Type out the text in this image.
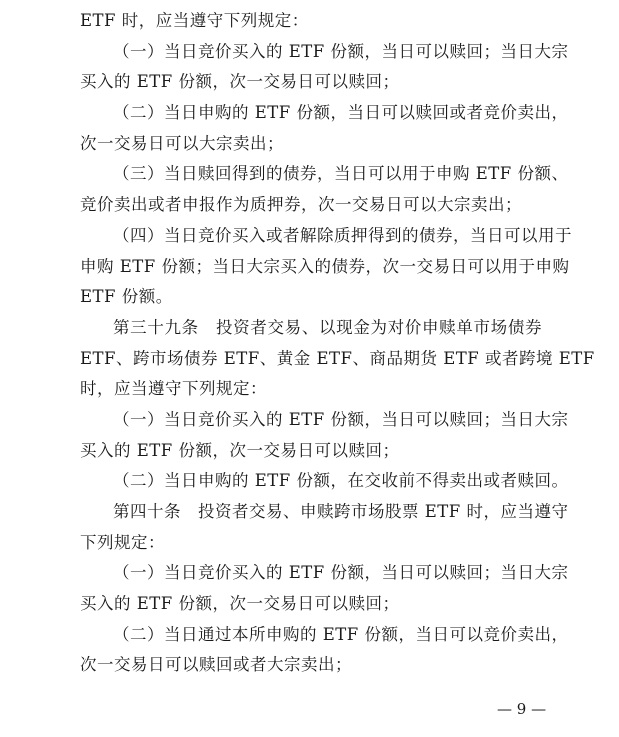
ETF 时，应当遵守下列规定：
（一）当日竞价买入的 ETF 份额，当日可以赎回；当日大宗
买入的 ETF 份额，次一交易日可以赎回；
（二）当日申购的 ETF 份额，当日可以赎回或者竞价卖出，
次一交易日可以大宗卖出；
（三）当日赎回得到的债券，当日可以用于申购 ETF 份额、
竞价卖出或者申报作为质押券，次一交易日可以大宗卖出；
（四）当日竞价买入或者解除质押得到的债券，当日可以用于
申购 ETF 份额；当日大宗买入的债券，次一交易日可以用于申购
ETF 份额。
第三十九条　投资者交易、以现金为对价申赎单市场债券
ETF、跨市场债券 ETF、黄金 ETF、商品期货 ETF 或者跨境 ETF
时，应当遵守下列规定：
（一）当日竞价买入的 ETF 份额，当日可以赎回；当日大宗
买入的 ETF 份额，次一交易日可以赎回；
（二）当日申购的 ETF 份额，在交收前不得卖出或者赎回。
第四十条　投资者交易、申赎跨市场股票 ETF 时，应当遵守
下列规定：
（一）当日竞价买入的 ETF 份额，当日可以赎回；当日大宗
买入的 ETF 份额，次一交易日可以赎回；
（二）当日通过本所申购的 ETF 份额，当日可以竞价卖出，
次一交易日可以赎回或者大宗卖出；
— 9 —
